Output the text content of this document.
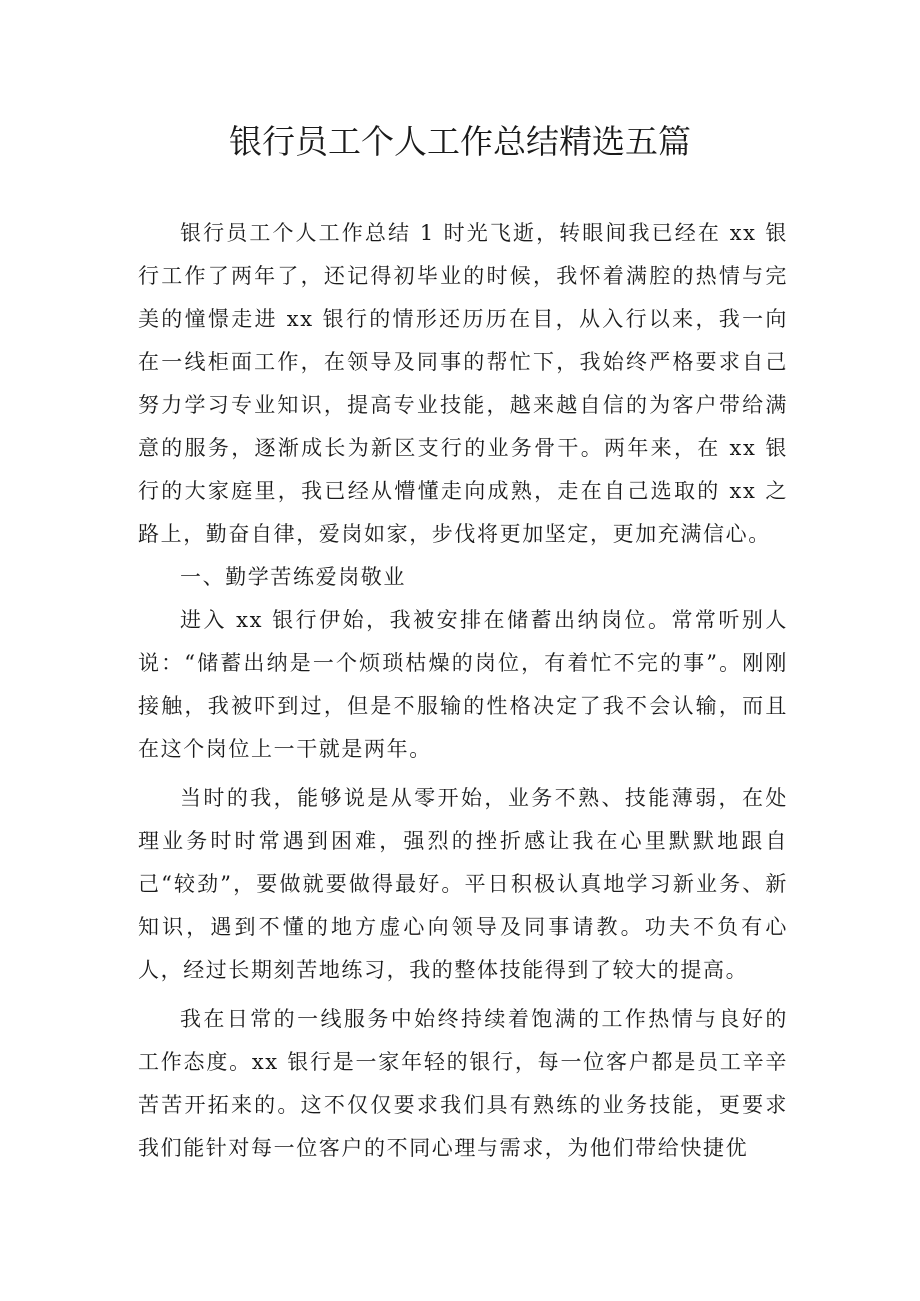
银行员工个人工作总结精选五篇

银行员工个人工作总结 1 时光飞逝，转眼间我已经在 xx 银行工作了两年了，还记得初毕业的时候，我怀着满腔的热情与完美的憧憬走进 xx 银行的情形还历历在目，从入行以来，我一向在一线柜面工作，在领导及同事的帮忙下，我始终严格要求自己努力学习专业知识，提高专业技能，越来越自信的为客户带给满意的服务，逐渐成长为新区支行的业务骨干。两年来，在 xx 银行的大家庭里，我已经从懵懂走向成熟，走在自己选取的 xx 之路上，勤奋自律，爱岗如家，步伐将更加坚定，更加充满信心。

一、勤学苦练爱岗敬业

进入 xx 银行伊始，我被安排在储蓄出纳岗位。常常听别人说：“储蓄出纳是一个烦琐枯燥的岗位，有着忙不完的事”。刚刚接触，我被吓到过，但是不服输的性格决定了我不会认输，而且在这个岗位上一干就是两年。

当时的我，能够说是从零开始，业务不熟、技能薄弱，在处理业务时时常遇到困难，强烈的挫折感让我在心里默默地跟自己“较劲”，要做就要做得最好。平日积极认真地学习新业务、新知识，遇到不懂的地方虚心向领导及同事请教。功夫不负有心人，经过长期刻苦地练习，我的整体技能得到了较大的提高。

我在日常的一线服务中始终持续着饱满的工作热情与良好的工作态度。xx 银行是一家年轻的银行，每一位客户都是员工辛辛苦苦开拓来的。这不仅仅要求我们具有熟练的业务技能，更要求我们能针对每一位客户的不同心理与需求，为他们带给快捷优
